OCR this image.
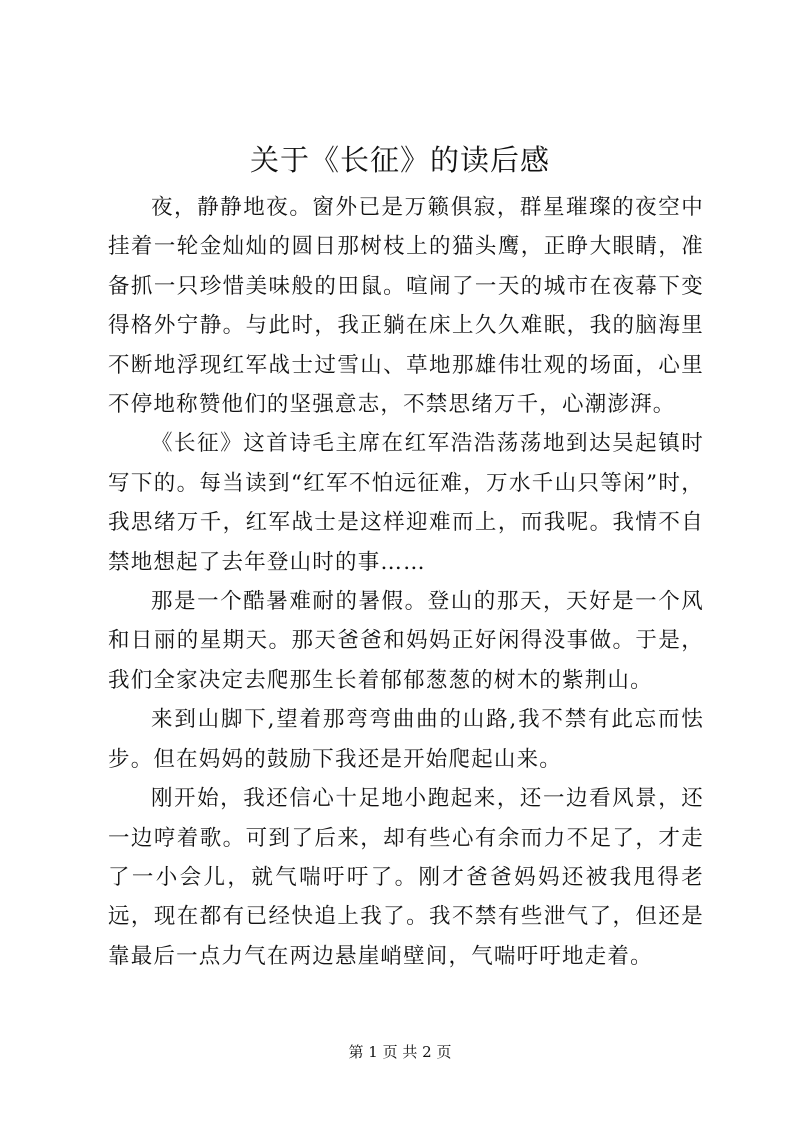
关于《长征》的读后感

夜，静静地夜。窗外已是万籁俱寂，群星璀璨的夜空中挂着一轮金灿灿的圆日那树枝上的猫头鹰，正睁大眼睛，准备抓一只珍惜美味般的田鼠。喧闹了一天的城市在夜幕下变得格外宁静。与此时，我正躺在床上久久难眠，我的脑海里不断地浮现红军战士过雪山、草地那雄伟壮观的场面，心里不停地称赞他们的坚强意志，不禁思绪万千，心潮澎湃。

《长征》这首诗毛主席在红军浩浩荡荡地到达吴起镇时写下的。每当读到“红军不怕远征难，万水千山只等闲”时，我思绪万千，红军战士是这样迎难而上，而我呢。我情不自禁地想起了去年登山时的事……

那是一个酷暑难耐的暑假。登山的那天，天好是一个风和日丽的星期天。那天爸爸和妈妈正好闲得没事做。于是，我们全家决定去爬那生长着郁郁葱葱的树木的紫荆山。

来到山脚下,望着那弯弯曲曲的山路,我不禁有此忘而怯步。但在妈妈的鼓励下我还是开始爬起山来。

刚开始，我还信心十足地小跑起来，还一边看风景，还一边哼着歌。可到了后来，却有些心有余而力不足了，才走了一小会儿，就气喘吁吁了。刚才爸爸妈妈还被我甩得老远，现在都有已经快追上我了。我不禁有些泄气了，但还是靠最后一点力气在两边悬崖峭壁间，气喘吁吁地走着。

第 1 页 共 2 页
